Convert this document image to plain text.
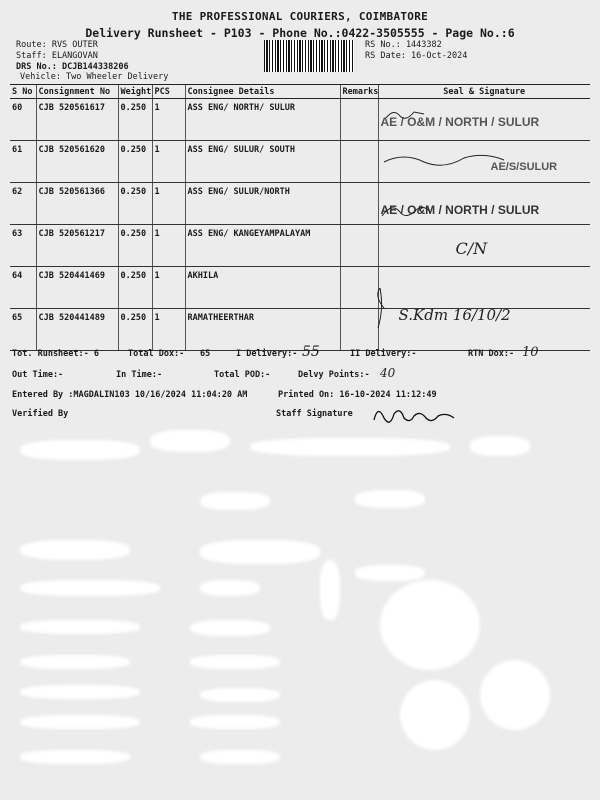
THE PROFESSIONAL COURIERS, COIMBATORE
Delivery Runsheet - P103 - Phone No.:0422-3505555 - Page No.:6
Route: RVS OUTER
Staff: ELANGOVAN
DRS No.: DCJB144338206
Vehicle: Two Wheeler Delivery
RS No.: 1443382
RS Date: 16-Oct-2024
S No	Consignment No	Weight	PCS	Consignee Details	Remarks	Seal & Signature
60	CJB 520561617	0.250	1	ASS ENG/ NORTH/ SULUR		AE / O&M / NORTH / SULUR

61	CJB 520561620	0.250	1	ASS ENG/ SULUR/ SOUTH		AE/S/SULUR

62	CJB 520561366	0.250	1	ASS ENG/ SULUR/NORTH		AE / O&M / NORTH / SULUR

63	CJB 520561217	0.250	1	ASS ENG/ KANGEYAMPALAYAM		C/N
64	CJB 520441469	0.250	1	AKHILA		
65	CJB 520441489	0.250	1	RAMATHEERTHAR		S.Kdm 16/10/2
Tot. Runsheet:- 6	Total Dox:- 65	I Delivery:- 55	II Delivery:-	RTN Dox:- 10
Out Time:-	In Time:-	Total POD:-	Delvy Points:- 40
Entered By :MAGDALIN103 10/16/2024 11:04:20 AM	Printed On: 16-10-2024 11:12:49
Verified By	Staff Signature
